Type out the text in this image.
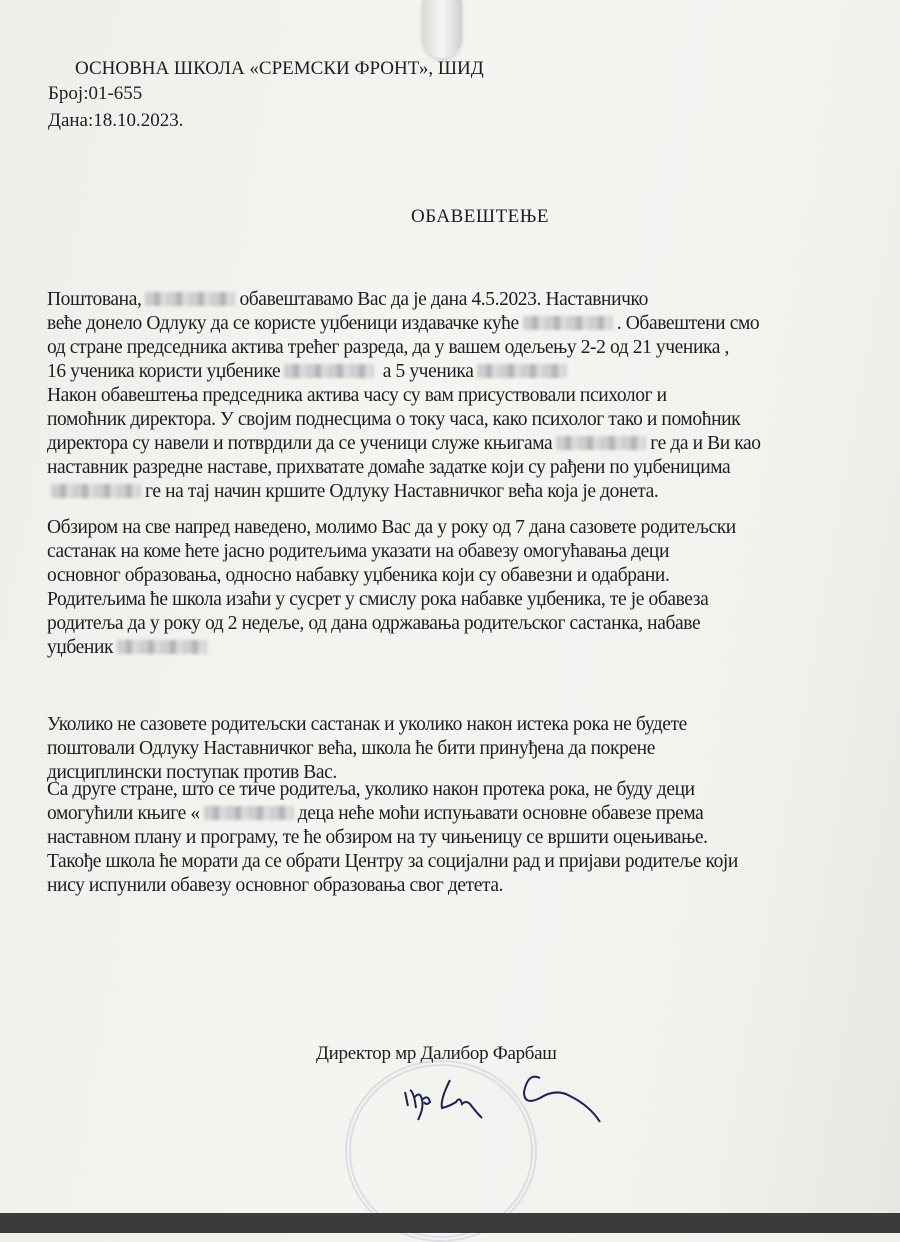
ОСНОВНА ШКОЛА «СРЕМСКИ ФРОНТ», ШИД
Број:01-655
Дана:18.10.2023.
ОБАВЕШТЕЊЕ
Поштована,	обавештавамо Вас да је дана 4.5.2023. Наставничко
веће донело Одлуку да се користе уџбеници издавачке куће	. Обавештени смо
од стране председника актива трећег разреда, да у вашем одељењу 2-2 од 21 ученика ,
16 ученика користи уџбенике	а 5 ученика
Након обавештења председника актива часу су вам присуствовали психолог и
помоћник директора. У својим поднесцима о току часа, како психолог тако и помоћник
директора су навели и потврдили да се ученици служе књигама	ге да и Ви као
наставник разредне наставе, прихватате домаће задатке који су рађени по уџбеницима
ге на тај начин кршите Одлуку Наставничког већа која је донета.
Обзиром на све напред наведено, молимо Вас да у року од 7 дана сазовете родитељски
састанак на коме ћете јасно родитељима указати на обавезу омогућавања деци
основног образовања, односно набавку уџбеника који су обавезни и одабрани.
Родитељима ће школа изаћи у сусрет у смислу рока набавке уџбеника, те је обавеза
родитеља да у року од 2 недеље, од дана одржавања родитељског састанка, набаве
уџбеник
Уколико не сазовете родитељски састанак и уколико након истека рока не будете
поштовали Одлуку Наставничког већа, школа ће бити принуђена да покрене
дисциплински поступак против Вас.
Са друге стране, што се тиче родитеља, уколико након протека рока, не буду деци
омогућили књиге «	деца неће моћи испуњавати основне обавезе према
наставном плану и програму, те ће обзиром на ту чињеницу се вршити оцењивање.
Такође школа ће морати да се обрати Центру за социјални рад и пријави родитеље који
нису испунили обавезу основног образовања свог детета.
Директор мр Далибор Фарбаш
